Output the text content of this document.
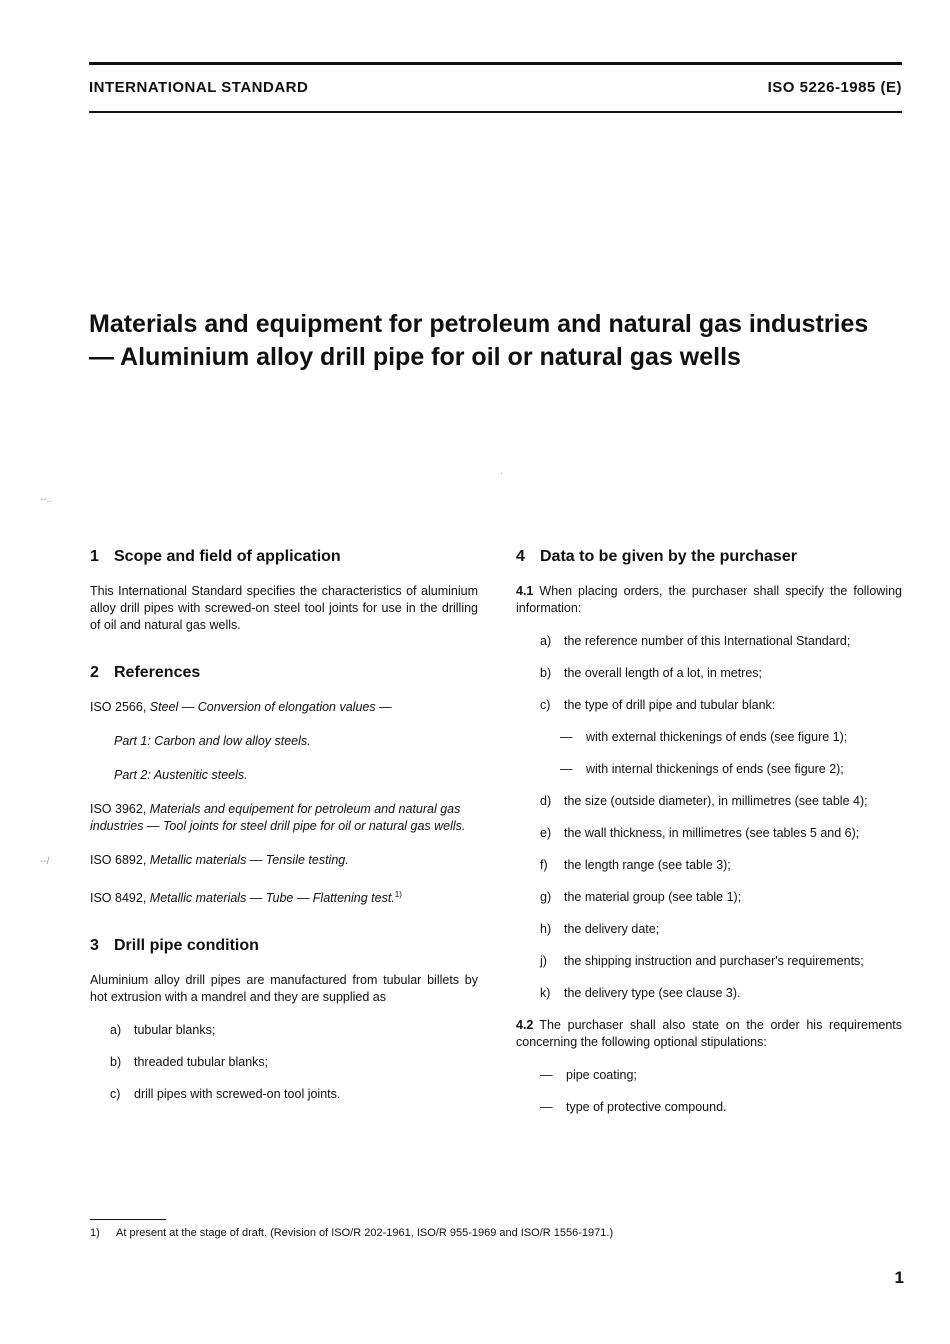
INTERNATIONAL STANDARD	ISO 5226-1985 (E)
Materials and equipment for petroleum and natural gas industries — Aluminium alloy drill pipe for oil or natural gas wells
‐‐..
‐‐/
.
1 Scope and field of application

This International Standard specifies the characteristics of aluminium alloy drill pipes with screwed-on steel tool joints for use in the drilling of oil and natural gas wells.

2 References
ISO 2566, Steel — Conversion of elongation values —
Part 1: Carbon and low alloy steels.
Part 2: Austenitic steels.
ISO 3962, Materials and equipement for petroleum and natural gas industries — Tool joints for steel drill pipe for oil or natural gas wells.
ISO 6892, Metallic materials — Tensile testing.
ISO 8492, Metallic materials — Tube — Flattening test.$^{1)}$
3 Drill pipe condition

Aluminium alloy drill pipes are manufactured from tubular billets by hot extrusion with a mandrel and they are supplied as

a)	tubular blanks;
b)	threaded tubular blanks;
c)	drill pipes with screwed-on tool joints.
4 Data to be given by the purchaser

4.1 When placing orders, the purchaser shall specify the following information:

a)	the reference number of this International Standard;
b)	the overall length of a lot, in metres;
c)	the type of drill pipe and tubular blank:
—	with external thickenings of ends (see figure 1);
—	with internal thickenings of ends (see figure 2);
d)	the size (outside diameter), in millimetres (see table 4);
e)	the wall thickness, in millimetres (see tables 5 and 6);
f)	the length range (see table 3);
g)	the material group (see table 1);
h)	the delivery date;
j)	the shipping instruction and purchaser's requirements;
k)	the delivery type (see clause 3).

4.2 The purchaser shall also state on the order his requirements concerning the following optional stipulations:

—	pipe coating;
—	type of protective compound.
1) At present at the stage of draft. (Revision of ISO/R 202-1961, ISO/R 955-1969 and ISO/R 1556-1971.)
1
